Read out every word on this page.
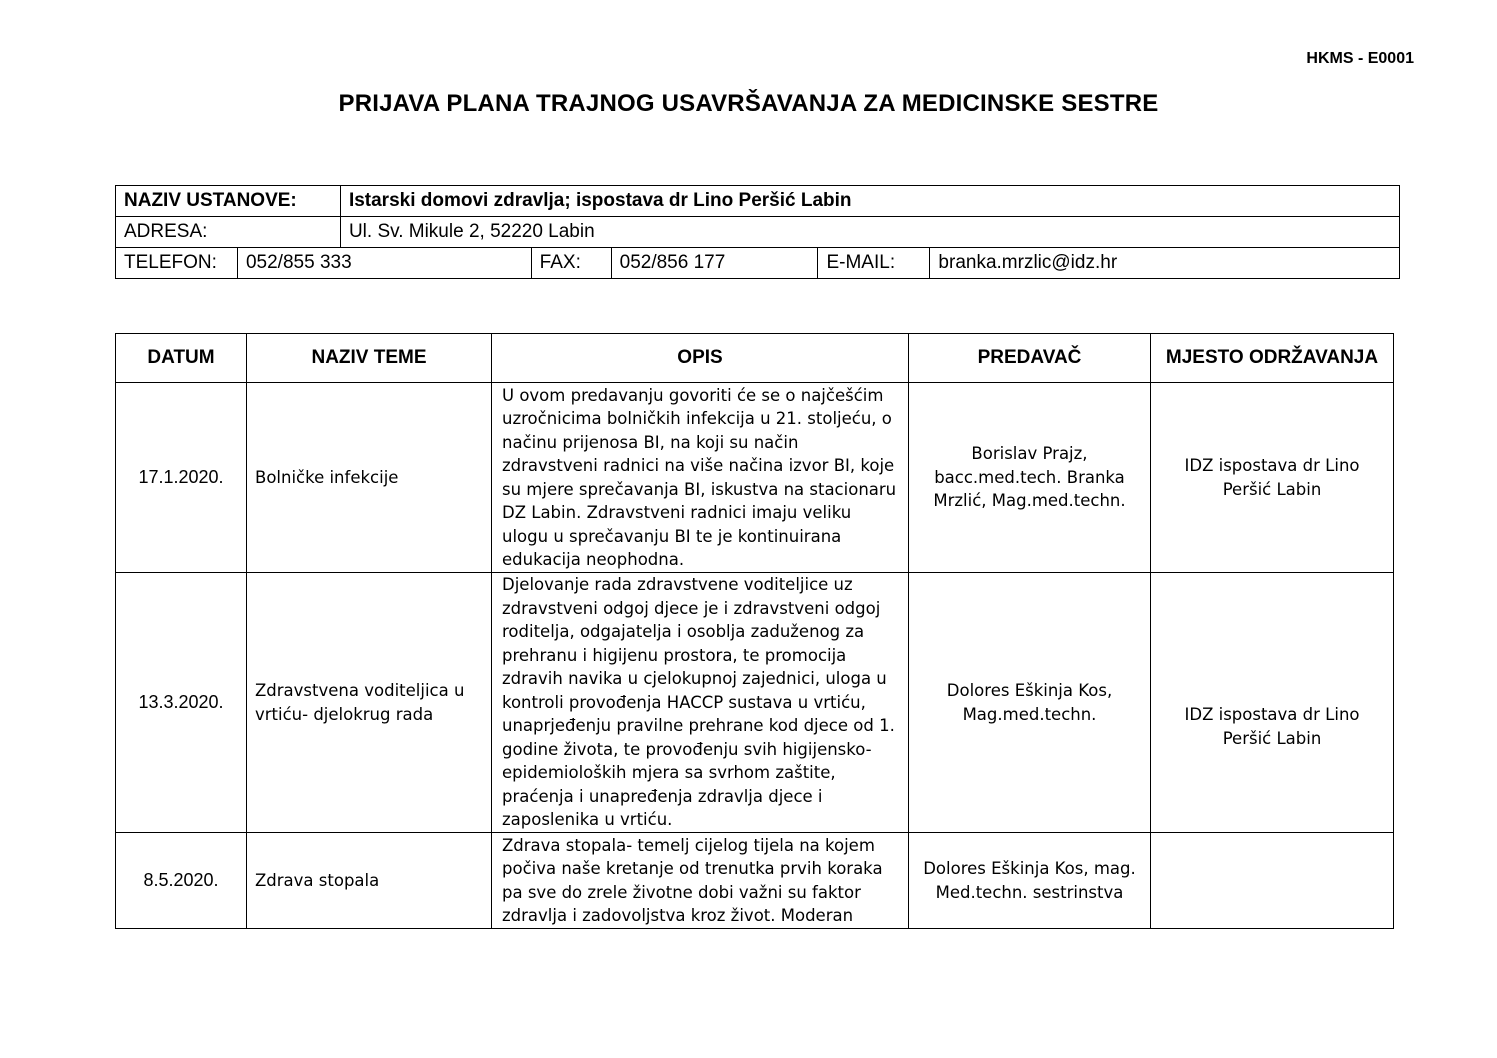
HKMS - E0001
PRIJAVA PLANA TRAJNOG USAVRŠAVANJA ZA MEDICINSKE SESTRE
NAZIV USTANOVE:		Istarski domovi zdravlja; ispostava dr Lino Peršić Labin				
ADRESA:		Ul. Sv. Mikule 2, 52220 Labin				
TELEFON:	052/855 333		FAX:	052/856 177	E-MAIL:	branka.mrzlic@idz.hr
DATUM	NAZIV TEME	OPIS	PREDAVAČ	MJESTO ODRŽAVANJA
17.1.2020.	Bolničke infekcije	U ovom predavanju govoriti će se o najčešćim uzročnicima bolničkih infekcija u 21. stoljeću, o načinu prijenosa BI, na koji su način zdravstveni radnici na više načina izvor BI, koje su mjere sprečavanja BI, iskustva na stacionaru DZ Labin. Zdravstveni radnici imaju veliku ulogu u sprečavanju BI te je kontinuirana edukacija neophodna.	Borislav Prajz, bacc.med.tech. Branka Mrzlić, Mag.med.techn.	IDZ ispostava dr Lino Peršić Labin
13.3.2020.	Zdravstvena voditeljica u vrtiću- djelokrug rada	Djelovanje rada zdravstvene voditeljice uz zdravstveni odgoj djece je i zdravstveni odgoj roditelja, odgajatelja i osoblja zaduženog za prehranu i higijenu prostora, te promocija zdravih navika u cjelokupnoj zajednici, uloga u kontroli provođenja HACCP sustava u vrtiću, unaprjeđenju pravilne prehrane kod djece od 1. godine života, te provođenju svih higijensko-epidemioloških mjera sa svrhom zaštite, praćenja i unapređenja zdravlja djece i zaposlenika u vrtiću.	Dolores Eškinja Kos, Mag.med.techn.	IDZ ispostava dr Lino Peršić Labin

8.5.2020.	Zdrava stopala	Zdrava stopala- temelj cijelog tijela na kojem počiva naše kretanje od trenutka prvih koraka pa sve do zrele životne dobi važni su faktor zdravlja i zadovoljstva kroz život. Moderan	Dolores Eškinja Kos, mag. Med.techn. sestrinstva	
